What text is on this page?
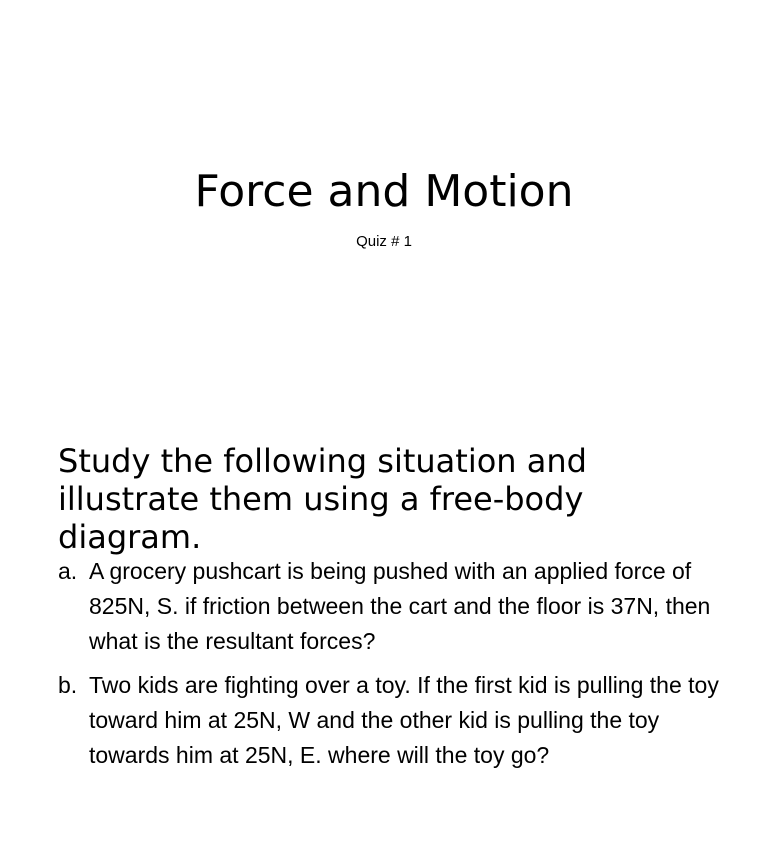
Force and Motion

Quiz # 1

Study the following situation and illustrate them using a free-body diagram.
a. A grocery pushcart is being pushed with an applied force of 825N, S. if friction between the cart and the floor is 37N, then what is the resultant forces?
b. Two kids are fighting over a toy. If the first kid is pulling the toy toward him at 25N, W and the other kid is pulling the toy towards him at 25N, E. where will the toy go?
